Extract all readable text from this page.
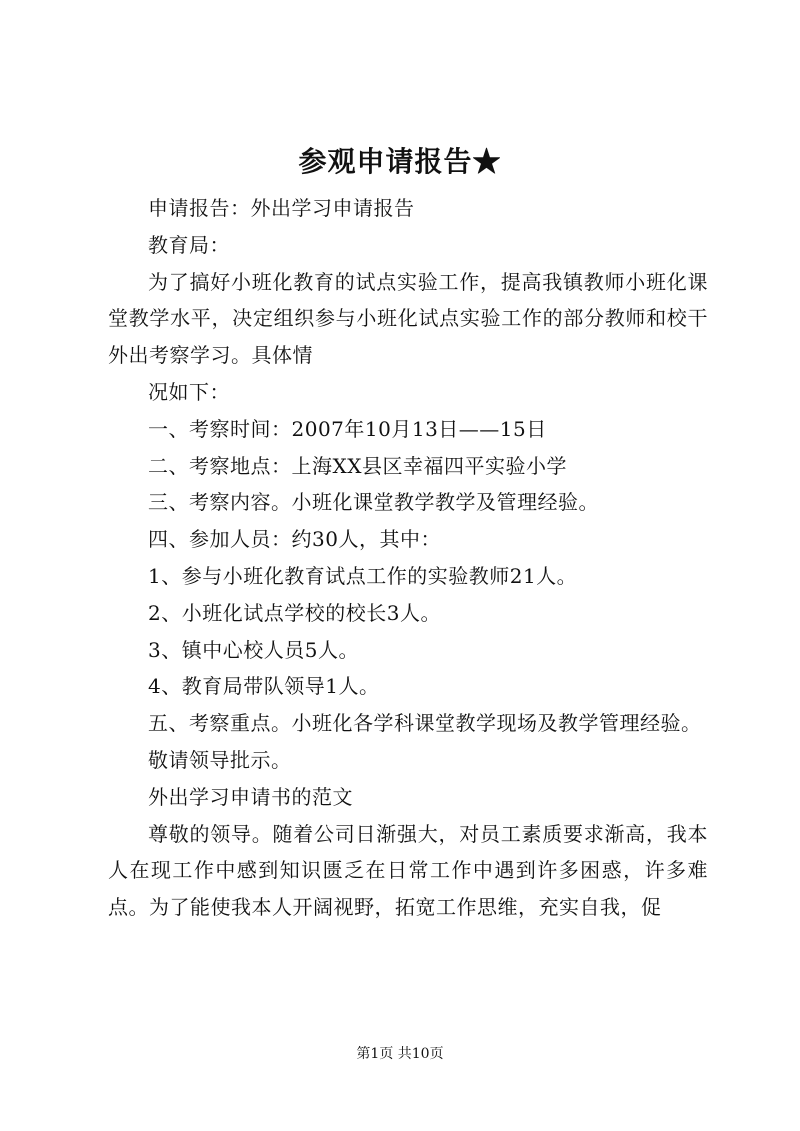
参观申请报告★

申请报告：外出学习申请报告

教育局：

为了搞好小班化教育的试点实验工作，提高我镇教师小班化课堂教学水平，决定组织参与小班化试点实验工作的部分教师和校干外出考察学习。具体情

况如下：

一、考察时间：2007年10月13日——15日

二、考察地点：上海XX县区幸福四平实验小学

三、考察内容。小班化课堂教学教学及管理经验。

四、参加人员：约30人，其中：

1、参与小班化教育试点工作的实验教师21人。

2、小班化试点学校的校长3人。

3、镇中心校人员5人。

4、教育局带队领导1人。

五、考察重点。小班化各学科课堂教学现场及教学管理经验。

敬请领导批示。

外出学习申请书的范文

尊敬的领导。随着公司日渐强大，对员工素质要求渐高，我本人在现工作中感到知识匮乏在日常工作中遇到许多困惑，许多难点。为了能使我本人开阔视野，拓宽工作思维，充实自我，促

第1页 共10页
